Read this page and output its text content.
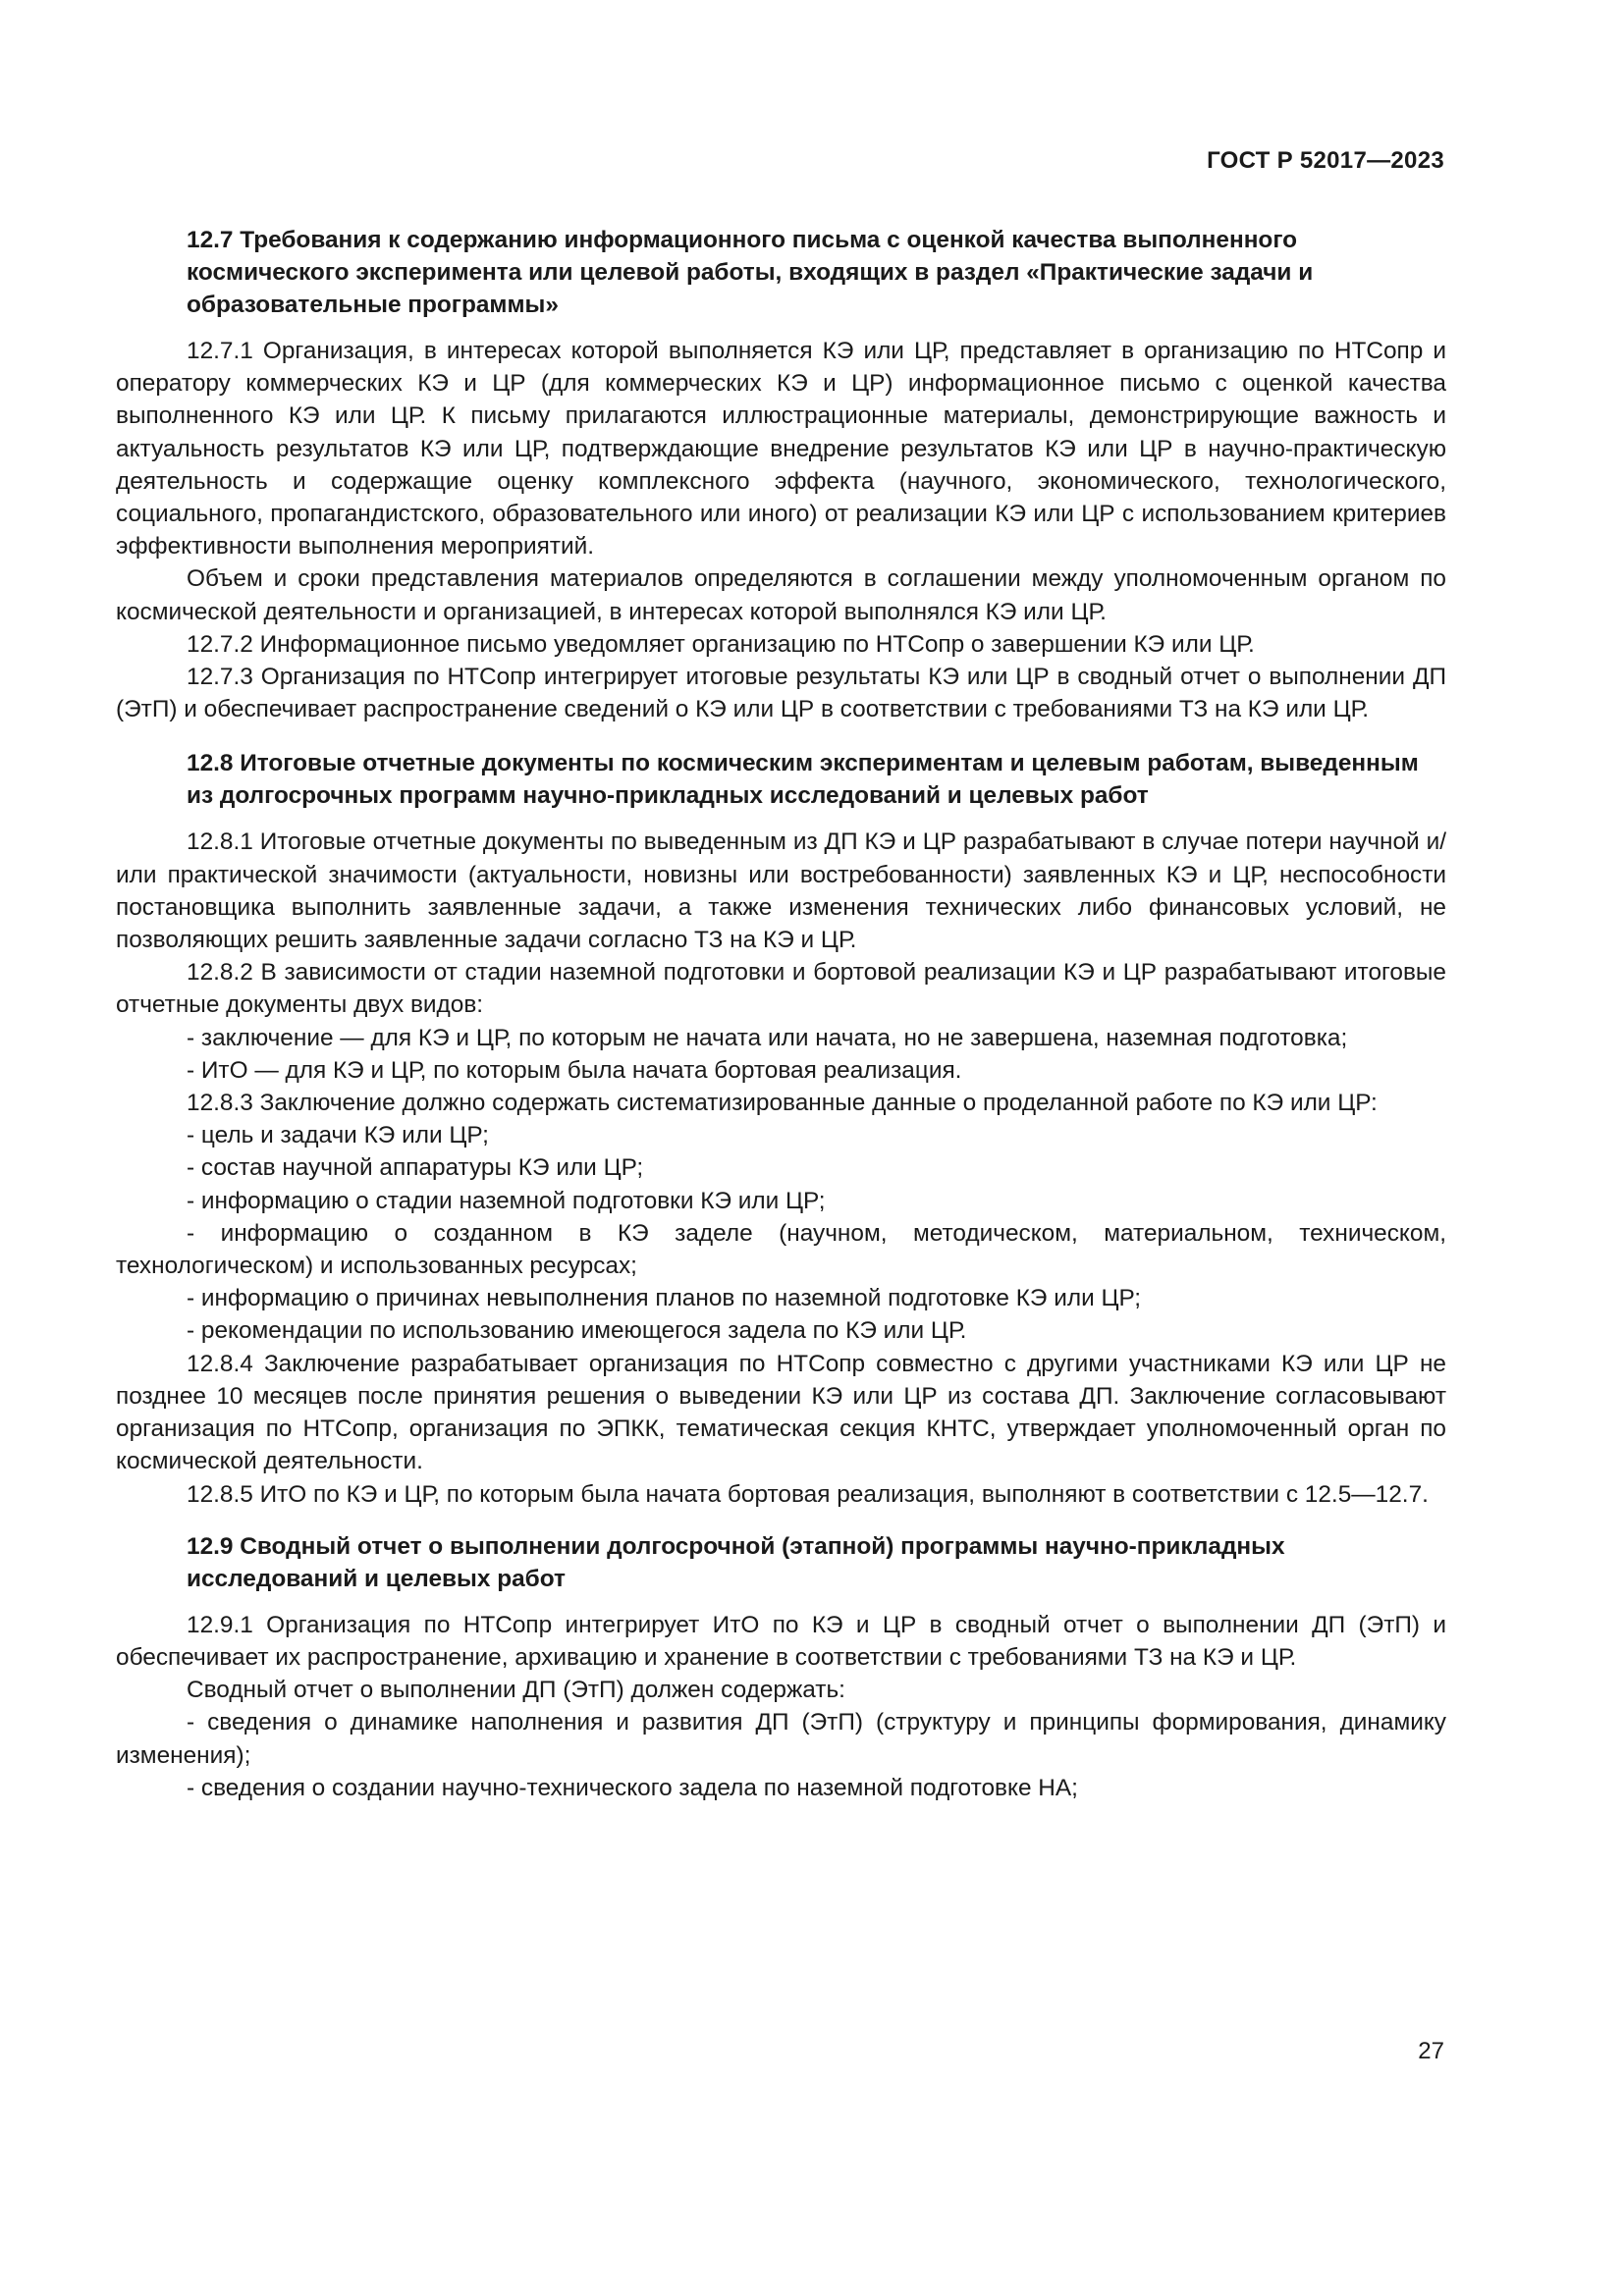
ГОСТ Р 52017—2023
12.7 Требования к содержанию информационного письма с оценкой качества выполненного космического эксперимента или целевой работы, входящих в раздел «Практические задачи и образовательные программы»

12.7.1 Организация, в интересах которой выполняется КЭ или ЦР, представляет в организацию по НТСопр и оператору коммерческих КЭ и ЦР (для коммерческих КЭ и ЦР) информационное письмо с оценкой качества выполненного КЭ или ЦР. К письму прилагаются иллюстрационные материалы, демонстрирующие важность и актуальность результатов КЭ или ЦР, подтверждающие внедрение результатов КЭ или ЦР в научно-практическую деятельность и содержащие оценку комплексного эффекта (научного, экономического, технологического, социального, пропагандистского, образовательного или иного) от реализации КЭ или ЦР с использованием критериев эффективности выполнения мероприятий.

Объем и сроки представления материалов определяются в соглашении между уполномоченным органом по космической деятельности и организацией, в интересах которой выполнялся КЭ или ЦР.

12.7.2 Информационное письмо уведомляет организацию по НТСопр о завершении КЭ или ЦР.

12.7.3 Организация по НТСопр интегрирует итоговые результаты КЭ или ЦР в сводный отчет о выполнении ДП (ЭтП) и обеспечивает распространение сведений о КЭ или ЦР в соответствии с требованиями ТЗ на КЭ или ЦР.

12.8 Итоговые отчетные документы по космическим экспериментам и целевым работам, выведенным из долгосрочных программ научно-прикладных исследований и целевых работ

12.8.1 Итоговые отчетные документы по выведенным из ДП КЭ и ЦР разрабатывают в случае потери научной и/или практической значимости (актуальности, новизны или востребованности) заявленных КЭ и ЦР, неспособности постановщика выполнить заявленные задачи, а также изменения технических либо финансовых условий, не позволяющих решить заявленные задачи согласно ТЗ на КЭ и ЦР.

12.8.2 В зависимости от стадии наземной подготовки и бортовой реализации КЭ и ЦР разрабатывают итоговые отчетные документы двух видов:

- заключение — для КЭ и ЦР, по которым не начата или начата, но не завершена, наземная подготовка;

- ИтО — для КЭ и ЦР, по которым была начата бортовая реализация.

12.8.3 Заключение должно содержать систематизированные данные о проделанной работе по КЭ или ЦР:

- цель и задачи КЭ или ЦР;

- состав научной аппаратуры КЭ или ЦР;

- информацию о стадии наземной подготовки КЭ или ЦР;

- информацию о созданном в КЭ заделе (научном, методическом, материальном, техническом, технологическом) и использованных ресурсах;

- информацию о причинах невыполнения планов по наземной подготовке КЭ или ЦР;

- рекомендации по использованию имеющегося задела по КЭ или ЦР.

12.8.4 Заключение разрабатывает организация по НТСопр совместно с другими участниками КЭ или ЦР не позднее 10 месяцев после принятия решения о выведении КЭ или ЦР из состава ДП. Заключение согласовывают организация по НТСопр, организация по ЭПКК, тематическая секция КНТС, утверждает уполномоченный орган по космической деятельности.

12.8.5 ИтО по КЭ и ЦР, по которым была начата бортовая реализация, выполняют в соответствии с 12.5—12.7.

12.9 Сводный отчет о выполнении долгосрочной (этапной) программы научно-прикладных исследований и целевых работ

12.9.1 Организация по НТСопр интегрирует ИтО по КЭ и ЦР в сводный отчет о выполнении ДП (ЭтП) и обеспечивает их распространение, архивацию и хранение в соответствии с требованиями ТЗ на КЭ и ЦР.

Сводный отчет о выполнении ДП (ЭтП) должен содержать:

- сведения о динамике наполнения и развития ДП (ЭтП) (структуру и принципы формирования, динамику изменения);

- сведения о создании научно-технического задела по наземной подготовке НА;

27
